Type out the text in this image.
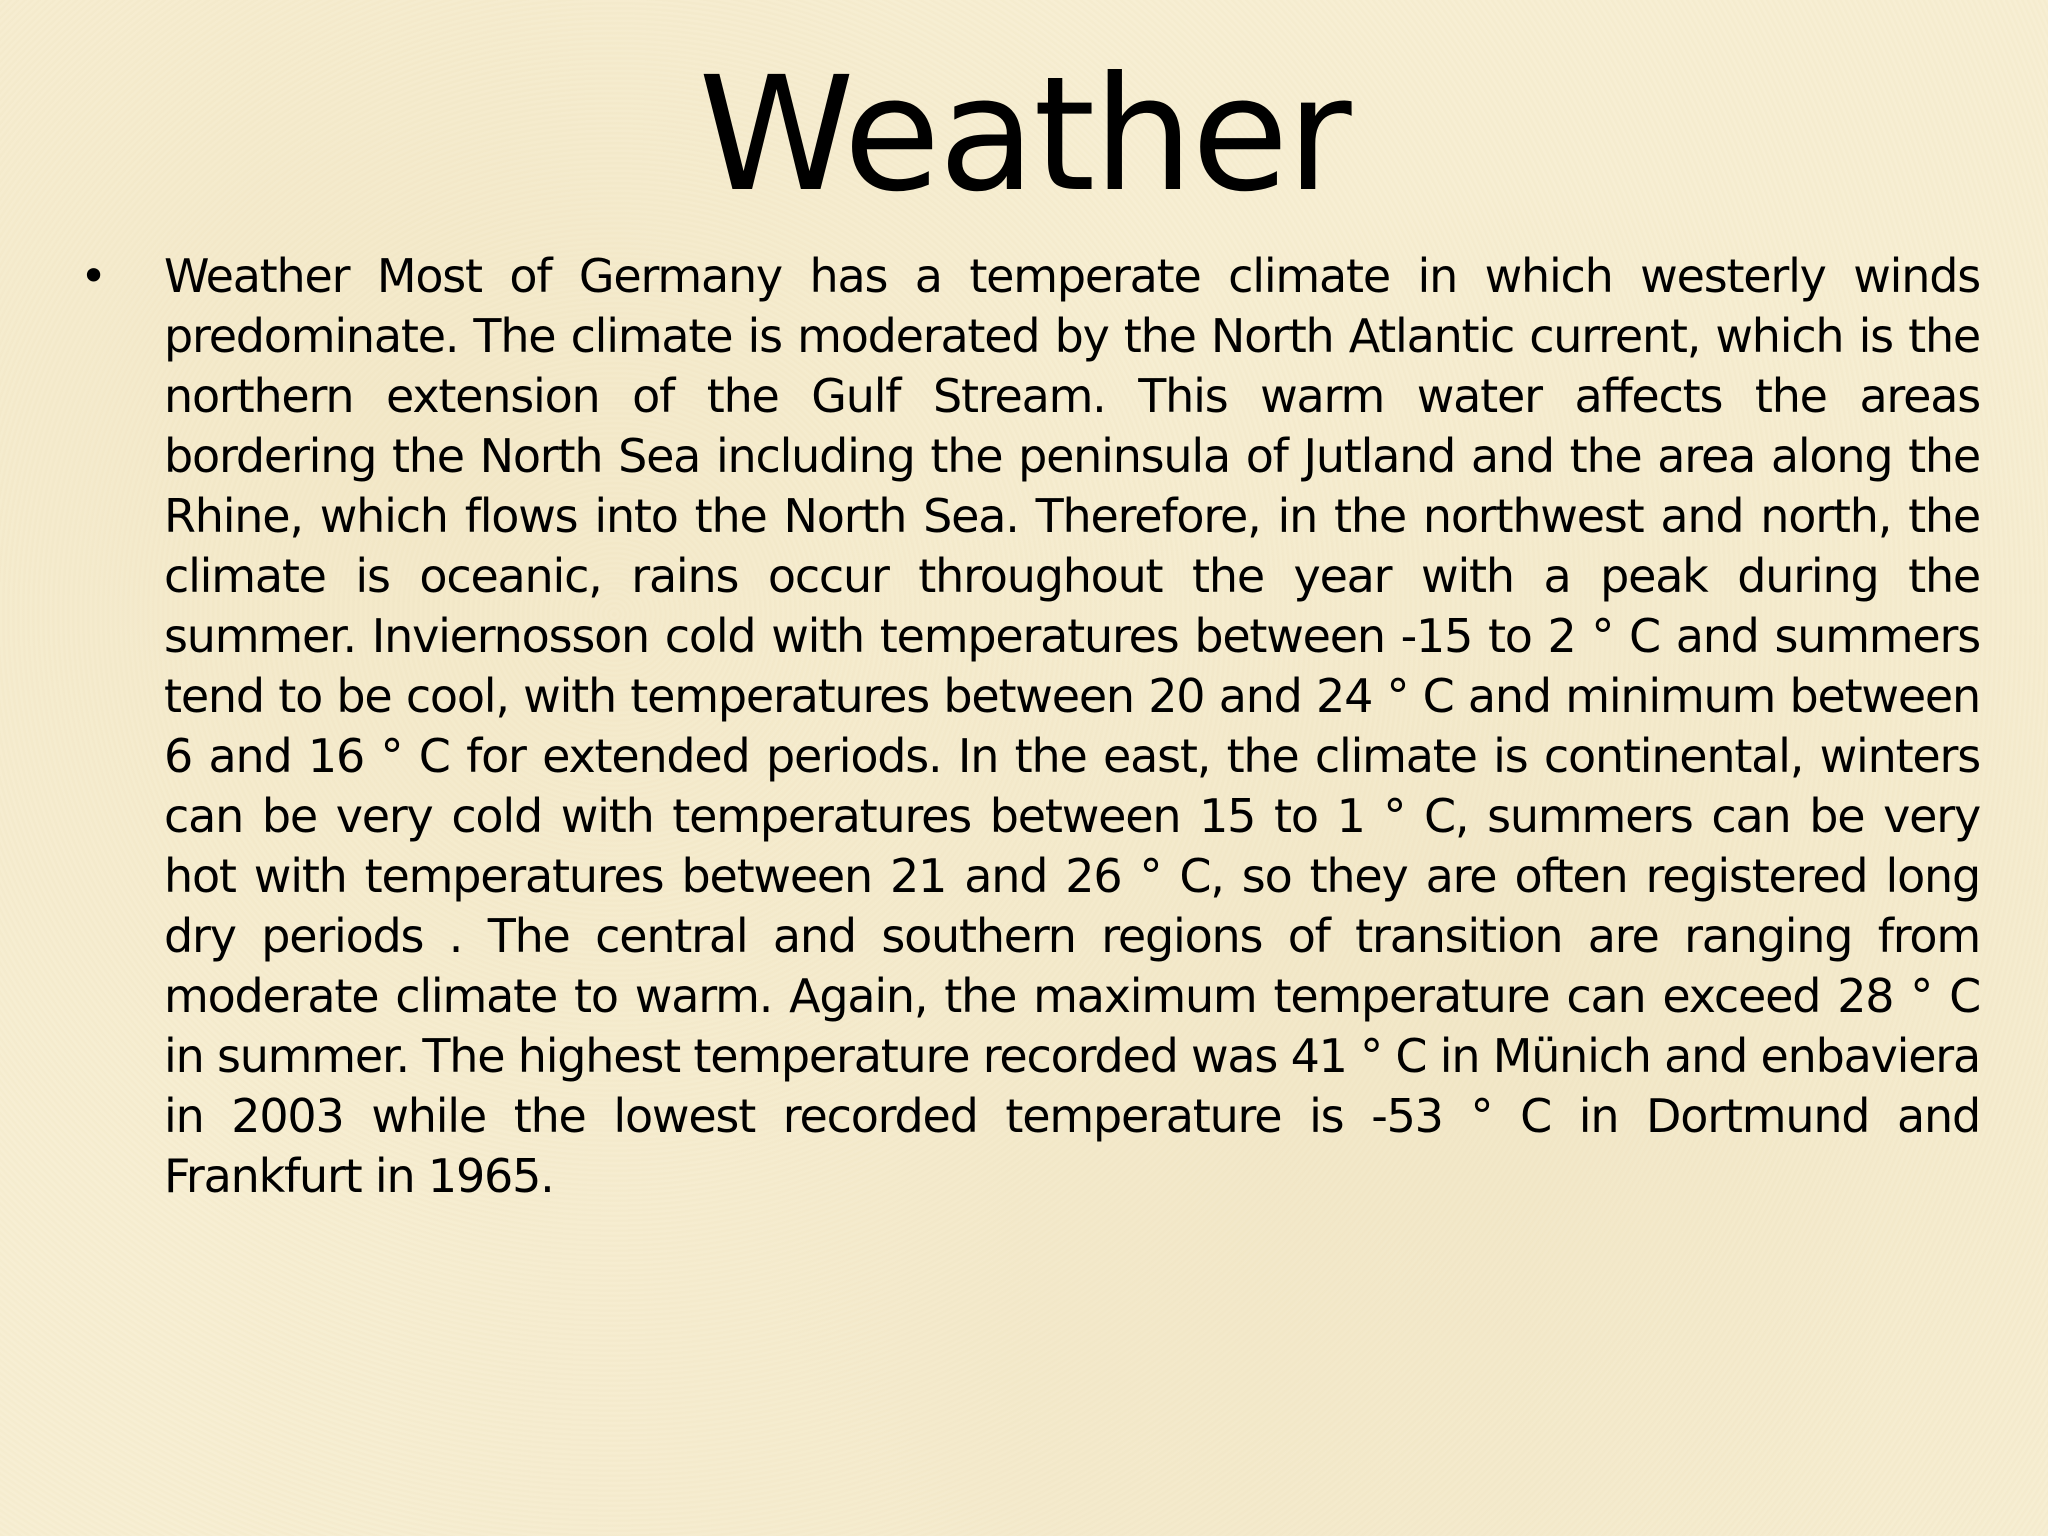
Weather
• Weather Most of Germany has a temperate climate in which westerly winds predominate. The climate is moderated by the North Atlantic current, which is the northern extension of the Gulf Stream. This warm water affects the areas bordering the North Sea including the peninsula of Jutland and the area along the Rhine, which flows into the North Sea. Therefore, in the northwest and north, the climate is oceanic, rains occur throughout the year with a peak during the summer. Inviernosson cold with temperatures between -15 to 2 ° C and summers tend to be cool, with temperatures between 20 and 24 ° C and minimum between 6 and 16 ° C for extended periods. In the east, the climate is continental, winters can be very cold with temperatures between 15 to 1 ° C, summers can be very hot with temperatures between 21 and 26 ° C, so they are often registered long dry periods . The central and southern regions of transition are ranging from moderate climate to warm. Again, the maximum temperature can exceed 28 ° C in summer. The highest temperature recorded was 41 ° C in Münich and enbaviera in 2003 while the lowest recorded temperature is -53 ° C in Dortmund and Frankfurt in 1965.
